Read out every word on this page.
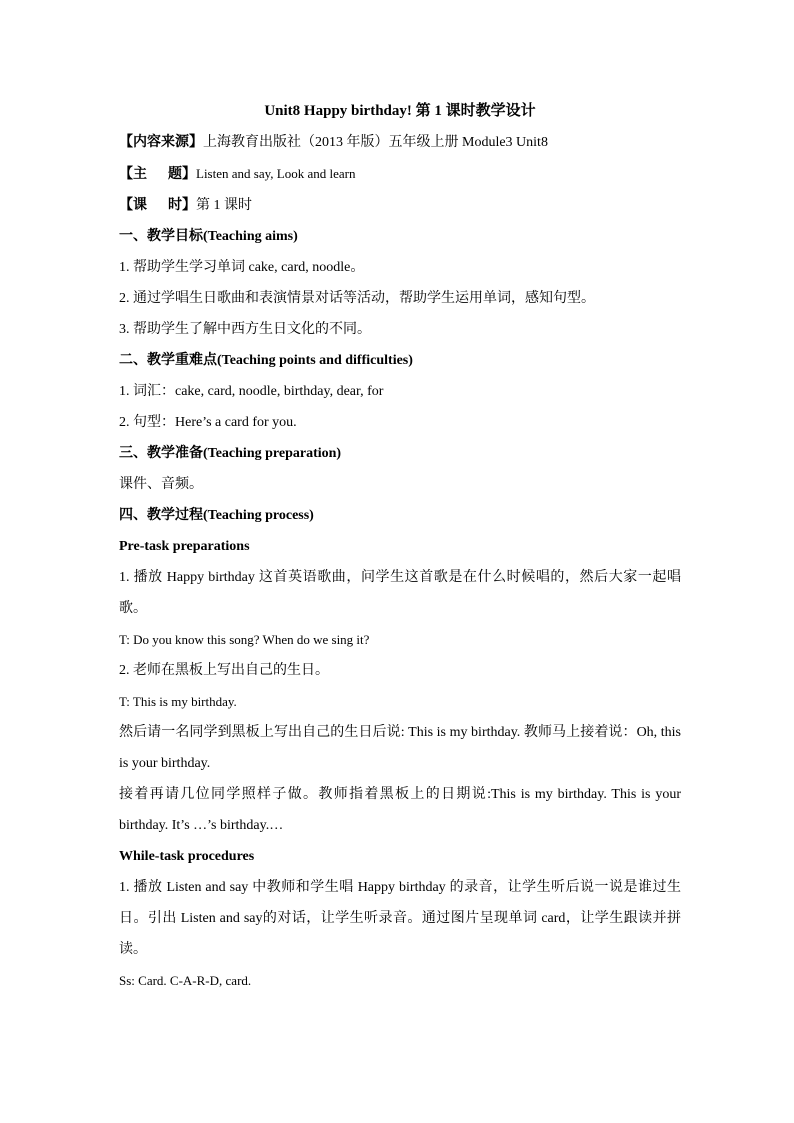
Unit8 Happy birthday! 第 1 课时教学设计
【内容来源】上海教育出版社（2013 年版）五年级上册 Module3 Unit8
【主      题】Listen and say, Look and learn
【课      时】第 1 课时
一、教学目标(Teaching aims)
1. 帮助学生学习单词 cake, card, noodle。
2. 通过学唱生日歌曲和表演情景对话等活动，帮助学生运用单词，感知句型。
3. 帮助学生了解中西方生日文化的不同。
二、教学重难点(Teaching points and difficulties)
1. 词汇：cake, card, noodle, birthday, dear, for
2. 句型：Here’s a card for you.
三、教学准备(Teaching preparation)
课件、音频。
四、教学过程(Teaching process)
Pre-task preparations
1. 播放 Happy birthday 这首英语歌曲，问学生这首歌是在什么时候唱的，然后大家一起唱歌。
T: Do you know this song? When do we sing it?
2. 老师在黑板上写出自己的生日。
T: This is my birthday.
然后请一名同学到黑板上写出自己的生日后说: This is my birthday. 教师马上接着说：Oh, this is your birthday.
接着再请几位同学照样子做。教师指着黑板上的日期说:This is my birthday. This is your birthday. It’s …’s birthday.…
While-task procedures
1. 播放 Listen and say 中教师和学生唱 Happy birthday 的录音，让学生听后说一说是谁过生日。引出 Listen and say的对话，让学生听录音。通过图片呈现单词 card，让学生跟读并拼读。
Ss: Card. C-A-R-D, card.
